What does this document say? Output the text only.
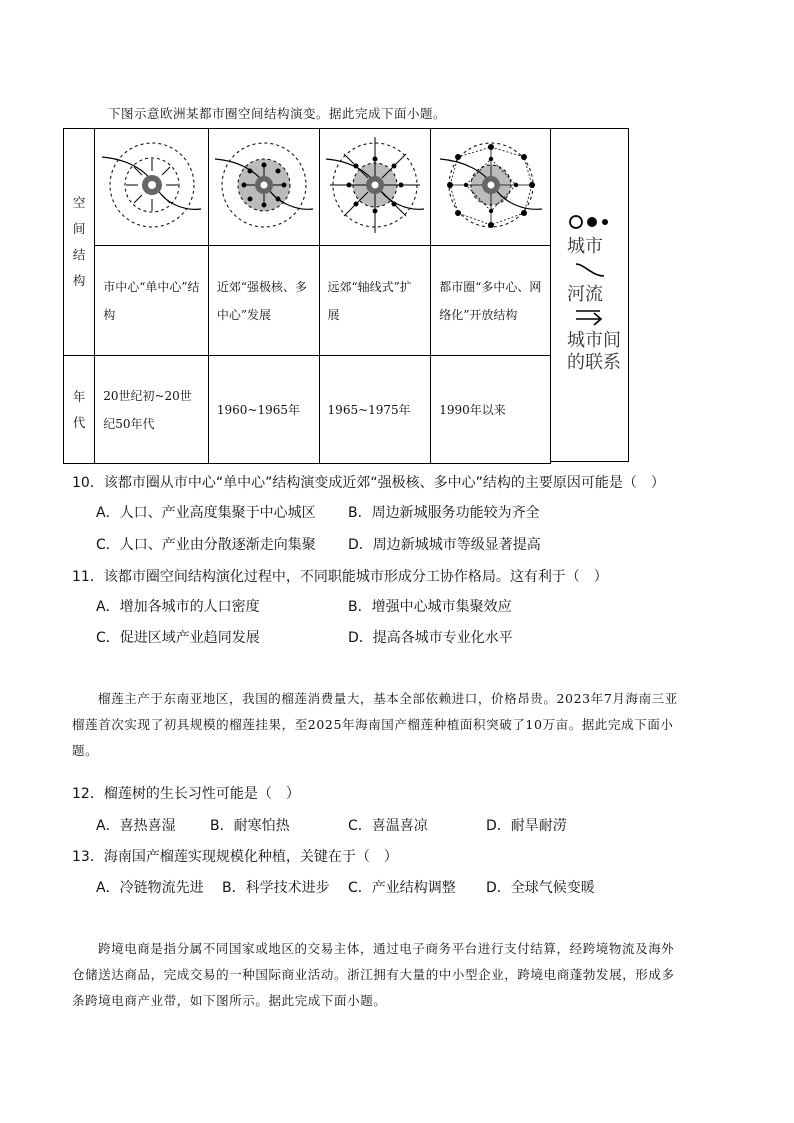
下图示意欧洲某都市圈空间结构演变。据此完成下面小题。
空
间
结
构

	市中心“单中心”结构	近郊“强极核、多中心”发展	远郊“轴线式”扩展	都市圈“多中心、网络化”开放结构

年
代	20世纪初~20世纪50年代	1960~1965年	1965~1975年	1990年以来
城市
河流
城市间
的联系
10．该都市圈从市中心“单中心”结构演变成近郊“强极核、多中心”结构的主要原因可能是（　）
A．人口、产业高度集聚于中心城区 B．周边新城服务功能较为齐全
C．人口、产业由分散逐渐走向集聚 D．周边新城城市等级显著提高
11．该都市圈空间结构演化过程中，不同职能城市形成分工协作格局。这有利于（　）
A．增加各城市的人口密度	B．增强中心城市集聚效应
C．促进区域产业趋同发展	D．提高各城市专业化水平
榴莲主产于东南亚地区，我国的榴莲消费量大，基本全部依赖进口，价格昂贵。2023年7月海南三亚榴莲首次实现了初具规模的榴莲挂果，至2025年海南国产榴莲种植面积突破了10万亩。据此完成下面小题。
12．榴莲树的生长习性可能是（　）
A．喜热喜湿 B．耐寒怕热	C．喜温喜凉	D．耐旱耐涝
13．海南国产榴莲实现规模化种植，关键在于（　）
A．冷链物流先进 B．科学技术进步 C．产业结构调整 D．全球气候变暖
跨境电商是指分属不同国家或地区的交易主体，通过电子商务平台进行支付结算，经跨境物流及海外仓储送达商品，完成交易的一种国际商业活动。浙江拥有大量的中小型企业，跨境电商蓬勃发展，形成多条跨境电商产业带，如下图所示。据此完成下面小题。
